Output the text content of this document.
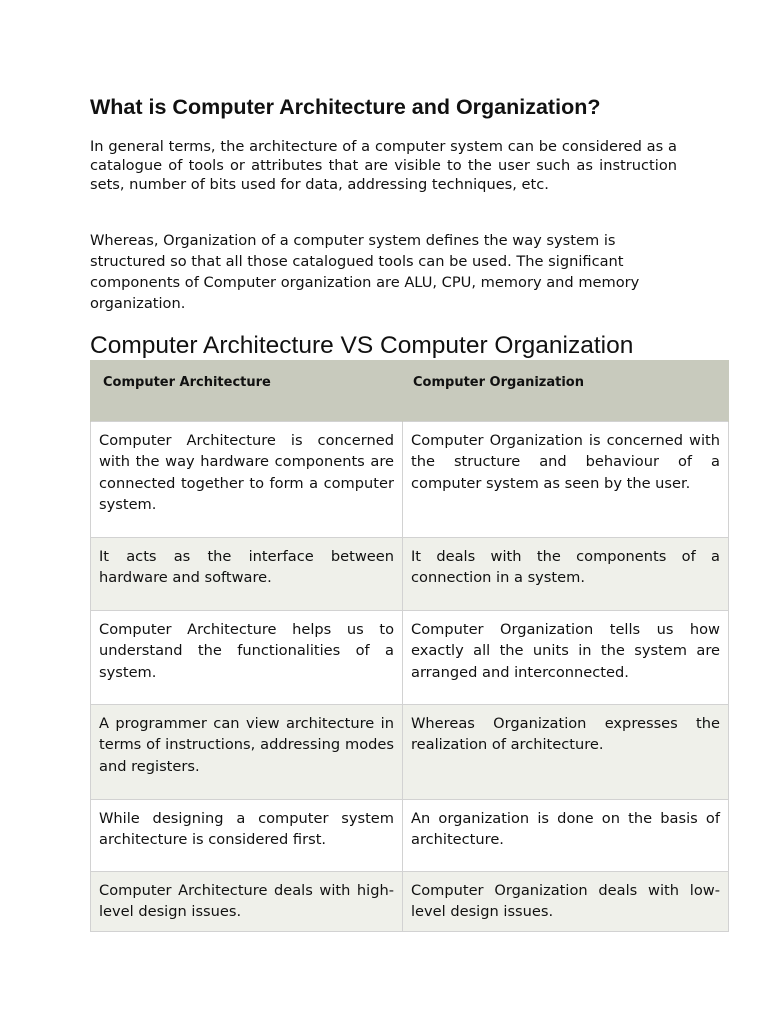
What is Computer Architecture and Organization?

In general terms, the architecture of a computer system can be considered as a catalogue of tools or attributes that are visible to the user such as instruction sets, number of bits used for data, addressing techniques, etc.

Whereas, Organization of a computer system defines the way system is structured so that all those catalogued tools can be used. The significant components of Computer organization are ALU, CPU, memory and memory organization.

Computer Architecture VS Computer Organization
Computer Architecture	Computer Organization
Computer Architecture is concerned with the way hardware components are connected together to form a computer system.	Computer Organization is concerned with the structure and behaviour of a computer system as seen by the user.
It acts as the interface between hardware and software.	It deals with the components of a connection in a system.
Computer Architecture helps us to understand the functionalities of a system.	Computer Organization tells us how exactly all the units in the system are arranged and interconnected.
A programmer can view architecture in terms of instructions, addressing modes and registers.	Whereas Organization expresses the realization of architecture.
While designing a computer system architecture is considered first.	An organization is done on the basis of architecture.
Computer Architecture deals with high-level design issues.	Computer Organization deals with low-level design issues.
